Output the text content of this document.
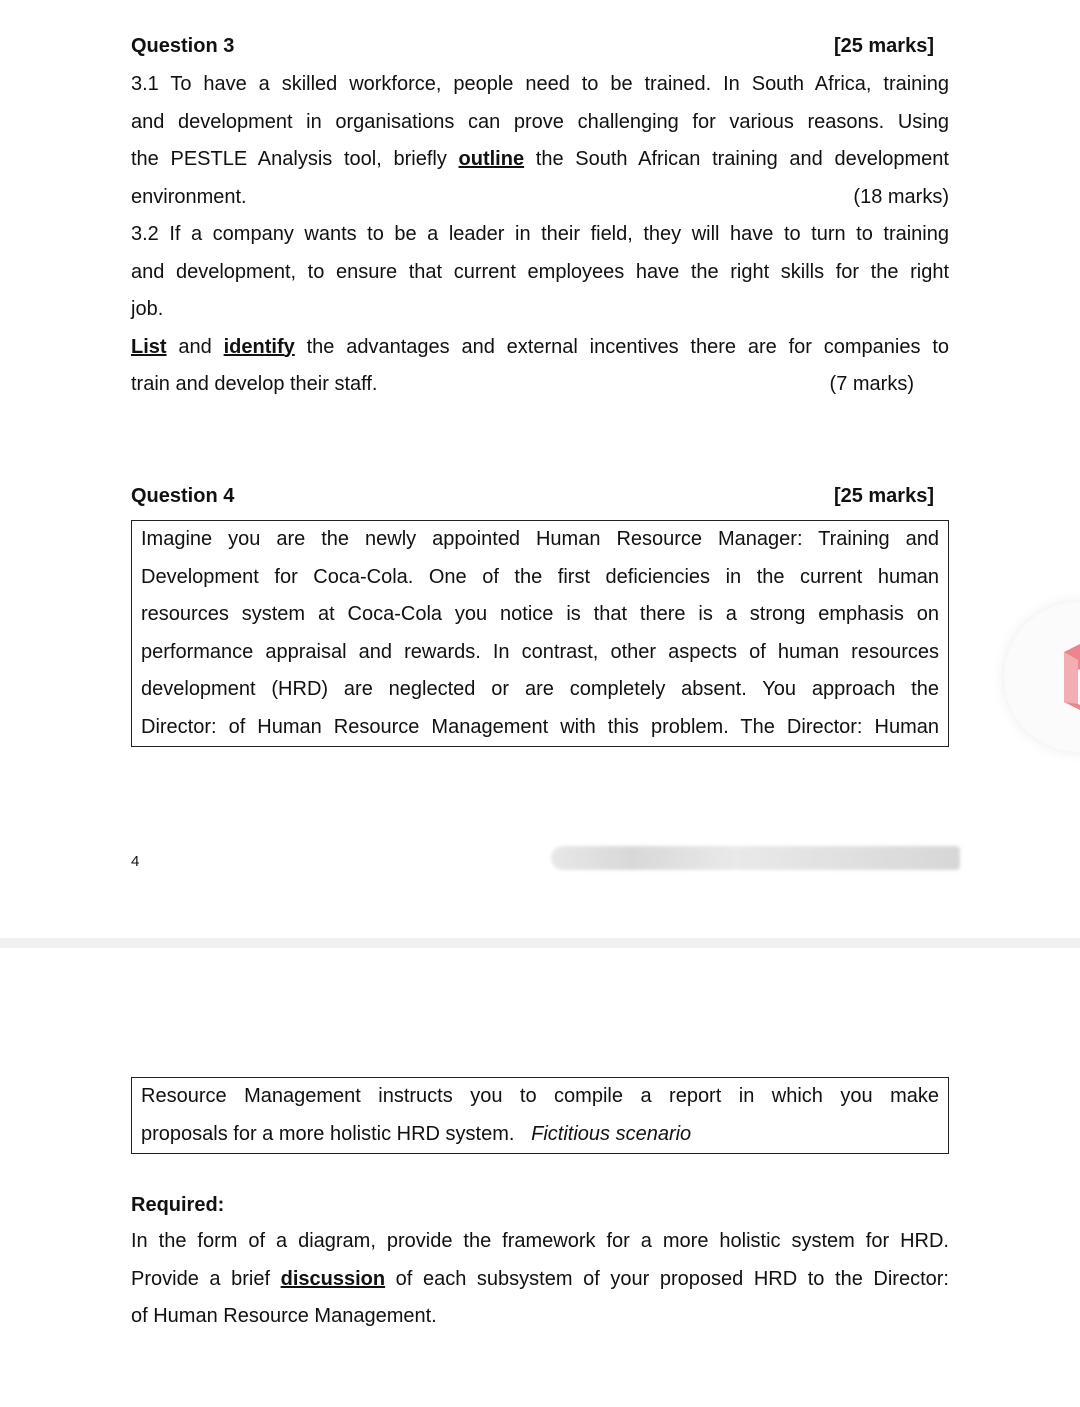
Question 3	[25 marks]

3.1 To have a skilled workforce, people need to be trained. In South Africa, training

and development in organisations can prove challenging for various reasons. Using

the PESTLE Analysis tool, briefly outline the South African training and development

environment.	(18 marks)

3.2 If a company wants to be a leader in their field, they will have to turn to training

and development, to ensure that current employees have the right skills for the right

job.

List and identify the advantages and external incentives there are for companies to

train and develop their staff.	(7 marks)
Question 4	[25 marks]

Imagine you are the newly appointed Human Resource Manager: Training and

Development for Coca-Cola. One of the first deficiencies in the current human

resources system at Coca-Cola you notice is that there is a strong emphasis on

performance appraisal and rewards. In contrast, other aspects of human resources

development (HRD) are neglected or are completely absent. You approach the

Director: of Human Resource Management with this problem. The Director: Human

4

Resource Management instructs you to compile a report in which you make

proposals for a more holistic HRD system. Fictitious scenario

Required:

In the form of a diagram, provide the framework for a more holistic system for HRD.

Provide a brief discussion of each subsystem of your proposed HRD to the Director:

of Human Resource Management.
